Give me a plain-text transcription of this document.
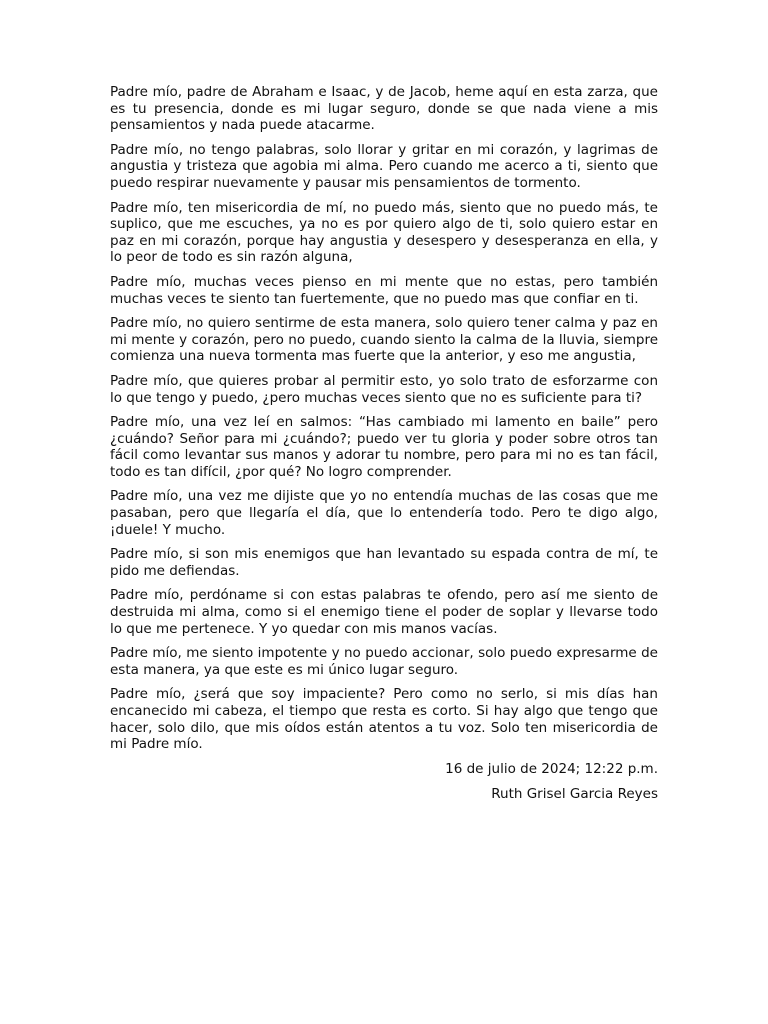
Padre mío, padre de Abraham e Isaac, y de Jacob, heme aquí en esta zarza, que es tu presencia, donde es mi lugar seguro, donde se que nada viene a mis pensamientos y nada puede atacarme.

Padre mío, no tengo palabras, solo llorar y gritar en mi corazón, y lagrimas de angustia y tristeza que agobia mi alma. Pero cuando me acerco a ti, siento que puedo respirar nuevamente y pausar mis pensamientos de tormento.

Padre mío, ten misericordia de mí, no puedo más, siento que no puedo más, te suplico, que me escuches, ya no es por quiero algo de ti, solo quiero estar en paz en mi corazón, porque hay angustia y desespero y desesperanza en ella, y lo peor de todo es sin razón alguna,

Padre mío, muchas veces pienso en mi mente que no estas, pero también muchas veces te siento tan fuertemente, que no puedo mas que confiar en ti.

Padre mío, no quiero sentirme de esta manera, solo quiero tener calma y paz en mi mente y corazón, pero no puedo, cuando siento la calma de la lluvia, siempre comienza una nueva tormenta mas fuerte que la anterior, y eso me angustia,

Padre mío, que quieres probar al permitir esto, yo solo trato de esforzarme con lo que tengo y puedo, ¿pero muchas veces siento que no es suficiente para ti?

Padre mío, una vez leí en salmos: “Has cambiado mi lamento en baile” pero ¿cuándo? Señor para mi ¿cuándo?; puedo ver tu gloria y poder sobre otros tan fácil como levantar sus manos y adorar tu nombre, pero para mi no es tan fácil, todo es tan difícil, ¿por qué? No logro comprender.

Padre mío, una vez me dijiste que yo no entendía muchas de las cosas que me pasaban, pero que llegaría el día, que lo entendería todo. Pero te digo algo, ¡duele! Y mucho.

Padre mío, si son mis enemigos que han levantado su espada contra de mí, te pido me defiendas.

Padre mío, perdóname si con estas palabras te ofendo, pero así me siento de destruida mi alma, como si el enemigo tiene el poder de soplar y llevarse todo lo que me pertenece. Y yo quedar con mis manos vacías.

Padre mío, me siento impotente y no puedo accionar, solo puedo expresarme de esta manera, ya que este es mi único lugar seguro.

Padre mío, ¿será que soy impaciente? Pero como no serlo, si mis días han encanecido mi cabeza, el tiempo que resta es corto. Si hay algo que tengo que hacer, solo dilo, que mis oídos están atentos a tu voz. Solo ten misericordia de mi Padre mío.

16 de julio de 2024; 12:22 p.m.

Ruth Grisel Garcia Reyes
